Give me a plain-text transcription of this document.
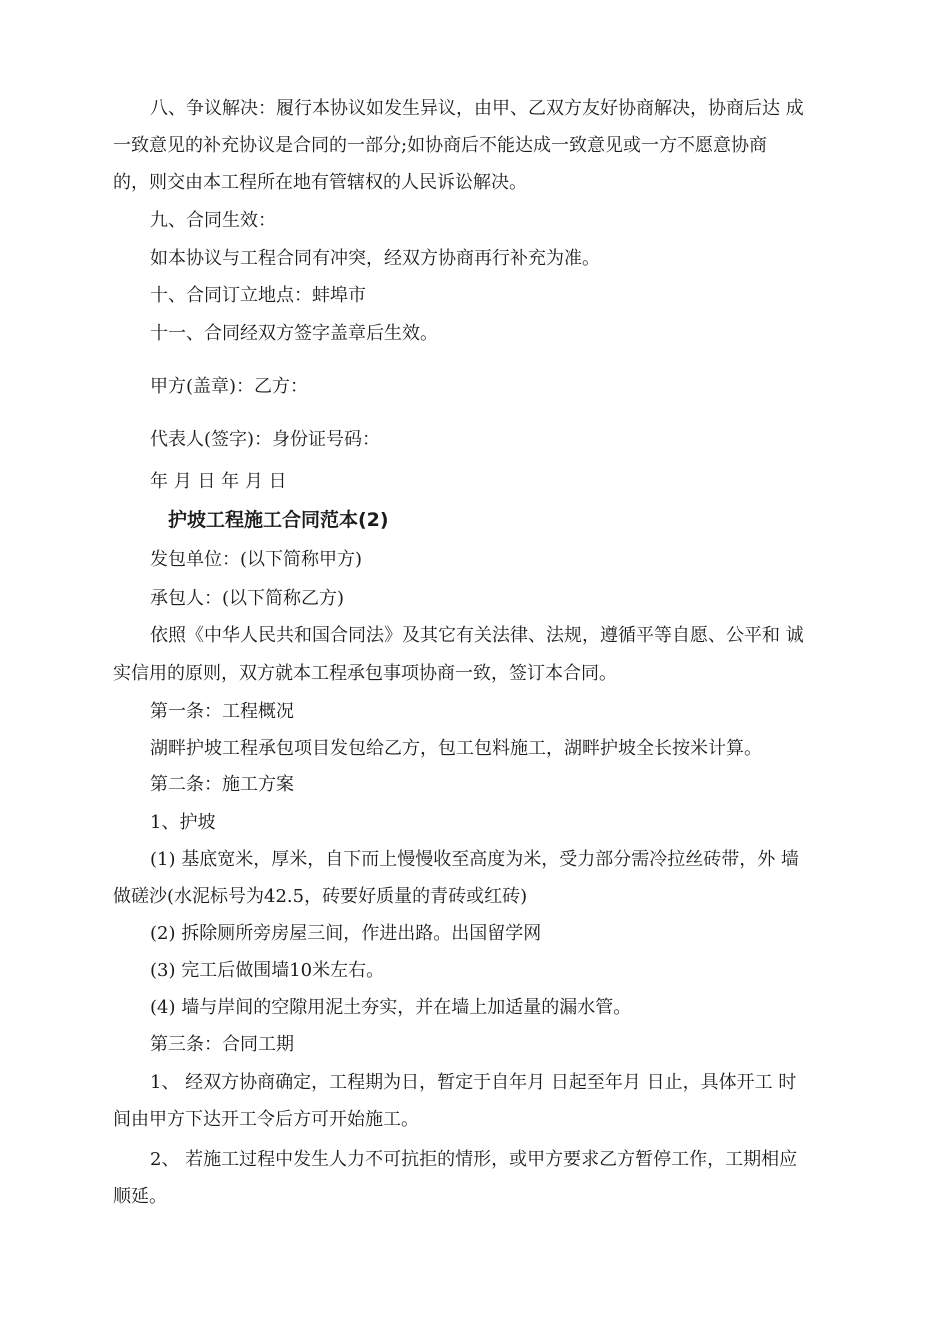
八、争议解决：履行本协议如发生异议，由甲、乙双方友好协商解决，协商后达 成
一致意见的补充协议是合同的一部分;如协商后不能达成一致意见或一方不愿意协商
的，则交由本工程所在地有管辖权的人民诉讼解决。
九、合同生效：
如本协议与工程合同有冲突，经双方协商再行补充为准。
十、合同订立地点：蚌埠市
十一、合同经双方签字盖章后生效。
甲方(盖章)：乙方：
代表人(签字)：身份证号码：
年 月 日 年 月 日
护坡工程施工合同范本(2)
发包单位：(以下简称甲方)
承包人：(以下简称乙方)
依照《中华人民共和国合同法》及其它有关法律、法规，遵循平等自愿、公平和 诚
实信用的原则，双方就本工程承包事项协商一致，签订本合同。
第一条：工程概况
湖畔护坡工程承包项目发包给乙方，包工包料施工，湖畔护坡全长按米计算。
第二条：施工方案
1、护坡
(1) 基底宽米，厚米，自下而上慢慢收至高度为米，受力部分需冷拉丝砖带，外 墙
做磋沙(水泥标号为42.5，砖要好质量的青砖或红砖)
(2) 拆除厕所旁房屋三间，作进出路。出国留学网
(3) 完工后做围墙10米左右。
(4) 墙与岸间的空隙用泥土夯实，并在墙上加适量的漏水管。
第三条：合同工期
1、 经双方协商确定，工程期为日，暂定于自年月 日起至年月 日止，具体开工 时
间由甲方下达开工令后方可开始施工。
2、 若施工过程中发生人力不可抗拒的情形，或甲方要求乙方暂停工作，工期相应
顺延。
